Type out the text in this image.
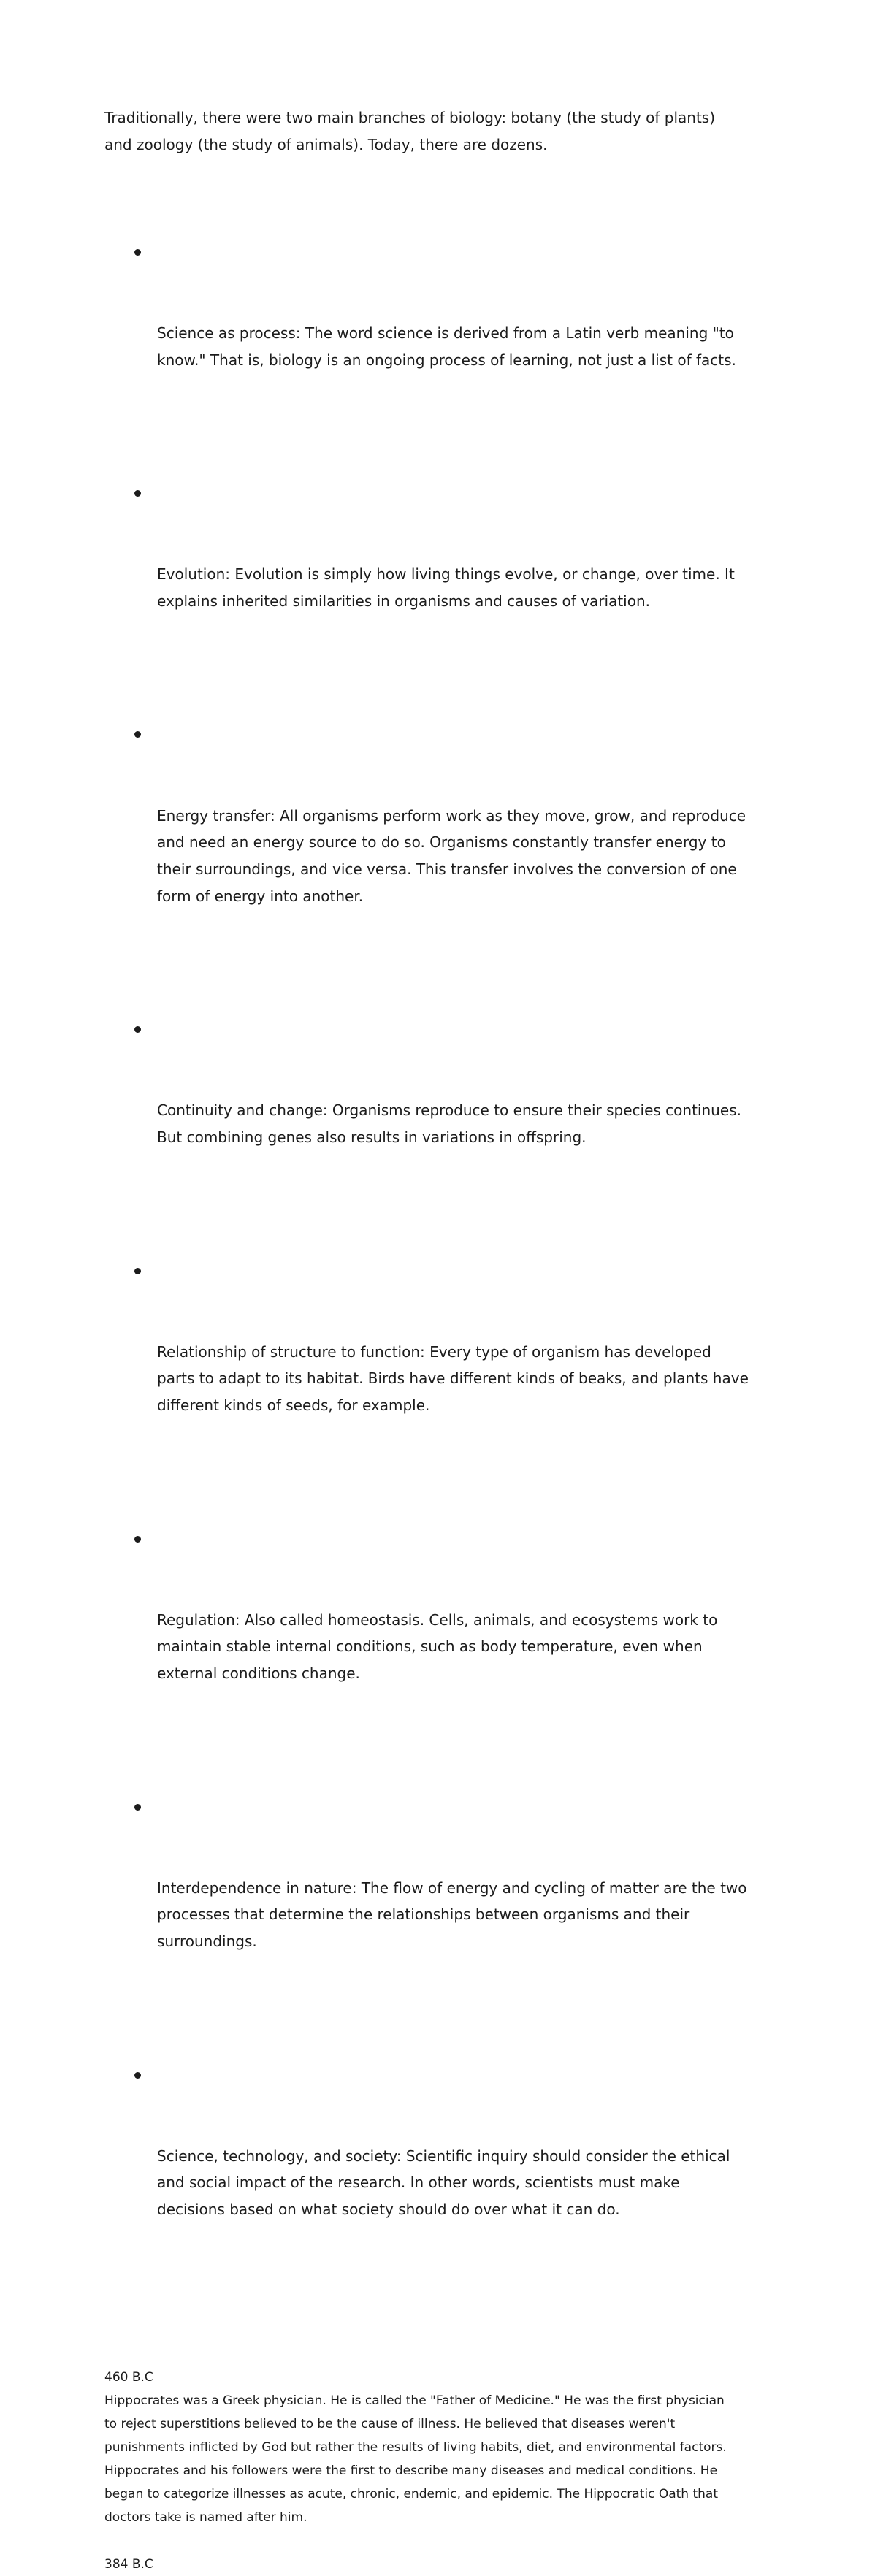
Traditionally, there were two main branches of biology: botany (the study of plants)
and zoology (the study of animals). Today, there are dozens.

Science as process: The word science is derived from a Latin verb meaning "to
know." That is, biology is an ongoing process of learning, not just a list of facts.

Evolution: Evolution is simply how living things evolve, or change, over time. It
explains inherited similarities in organisms and causes of variation.

Energy transfer: All organisms perform work as they move, grow, and reproduce
and need an energy source to do so. Organisms constantly transfer energy to
their surroundings, and vice versa. This transfer involves the conversion of one
form of energy into another.

Continuity and change: Organisms reproduce to ensure their species continues.
But combining genes also results in variations in offspring.

Relationship of structure to function: Every type of organism has developed
parts to adapt to its habitat. Birds have different kinds of beaks, and plants have
different kinds of seeds, for example.

Regulation: Also called homeostasis. Cells, animals, and ecosystems work to
maintain stable internal conditions, such as body temperature, even when
external conditions change.

Interdependence in nature: The flow of energy and cycling of matter are the two
processes that determine the relationships between organisms and their
surroundings.

Science, technology, and society: Scientific inquiry should consider the ethical
and social impact of the research. In other words, scientists must make
decisions based on what society should do over what it can do.

460 B.C

Hippocrates was a Greek physician. He is called the "Father of Medicine." He was the first physician
to reject superstitions believed to be the cause of illness. He believed that diseases weren't
punishments inflicted by God but rather the results of living habits, diet, and environmental factors.
Hippocrates and his followers were the first to describe many diseases and medical conditions. He
began to categorize illnesses as acute, chronic, endemic, and epidemic. The Hippocratic Oath that
doctors take is named after him.

384 B.C
